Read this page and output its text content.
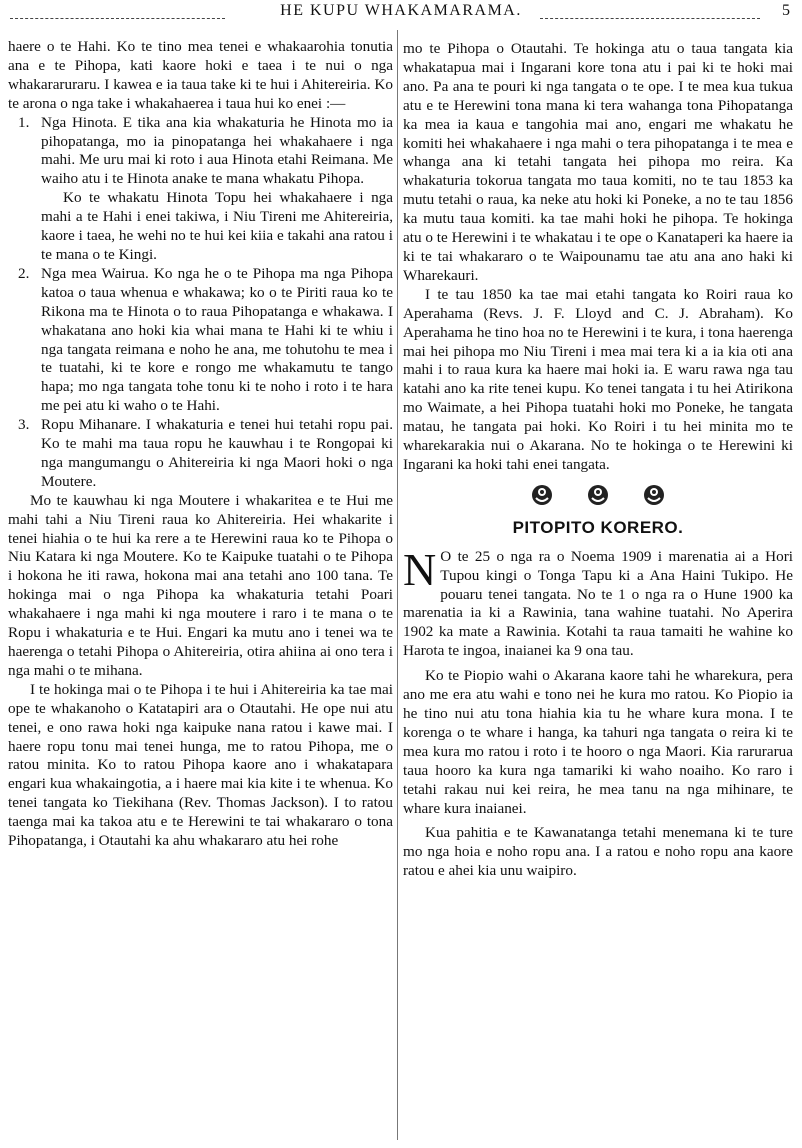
HE KUPU WHAKAMARAMA.	5

haere o te Hahi. Ko te tino mea tenei e whakaarohia tonutia ana e te Pihopa, kati kaore hoki e taea i te nui o nga whakararuraru. I kawea e ia taua take ki te hui i Ahitereiria. Ko te arona o nga take i whakahaerea i taua hui ko enei :—

1. Nga Hinota. E tika ana kia whakaturia he Hinota mo ia pihopatanga, mo ia pinopatanga hei whakahaere i nga mahi. Me uru mai ki roto i aua Hinota etahi Reimana. Me waiho atu i te Hinota anake te mana whakatu Pihopa.

Ko te whakatu Hinota Topu hei whakahaere i nga mahi a te Hahi i enei takiwa, i Niu Tireni me Ahitereiria, kaore i taea, he wehi no te hui kei kiia e takahi ana ratou i te mana o te Kingi.

2. Nga mea Wairua. Ko nga he o te Pihopa ma nga Pihopa katoa o taua whenua e whakawa; ko o te Piriti raua ko te Rikona ma te Hinota o to raua Pihopatanga e whakawa. I whakatana ano hoki kia whai mana te Hahi ki te whiu i nga tangata reimana e noho he ana, me tohutohu te mea i te tuatahi, ki te kore e rongo me whakamutu te tango hapa; mo nga tangata tohe tonu ki te noho i roto i te hara me pei atu ki waho o te Hahi.

3. Ropu Mihanare. I whakaturia e tenei hui tetahi ropu pai. Ko te mahi ma taua ropu he kauwhau i te Rongopai ki nga mangumangu o Ahitereiria ki nga Maori hoki o nga Moutere.

Mo te kauwhau ki nga Moutere i whakaritea e te Hui me mahi tahi a Niu Tireni raua ko Ahitereiria. Hei whakarite i tenei hiahia o te hui ka rere a te Herewini raua ko te Pihopa o Niu Katara ki nga Moutere. Ko te Kaipuke tuatahi o te Pihopa i hokona he iti rawa, hokona mai ana tetahi ano 100 tana. Te hokinga mai o nga Pihopa ka whakaturia tetahi Poari whakahaere i nga mahi ki nga moutere i raro i te mana o te Ropu i whakaturia e te Hui. Engari ka mutu ano i tenei wa te haerenga o tetahi Pihopa o Ahitereiria, otira ahiina ai ono tera i nga mahi o te mihana.

I te hokinga mai o te Pihopa i te hui i Ahitereiria ka tae mai ope te whakanoho o Katatapiri ara o Otautahi. He ope nui atu tenei, e ono rawa hoki nga kaipuke nana ratou i kawe mai. I haere ropu tonu mai tenei hunga, me to ratou Pihopa, me o ratou minita. Ko to ratou Pihopa kaore ano i whakatapara engari kua whakaingotia, a i haere mai kia kite i te whenua. Ko tenei tangata ko Tiekihana (Rev. Thomas Jackson). I to ratou taenga mai ka takoa atu e te Herewini te tai whakararo o tona Pihopatanga, i Otautahi ka ahu whakararo atu hei rohe

mo te Pihopa o Otautahi. Te hokinga atu o taua tangata kia whakatapua mai i Ingarani kore tona atu i pai ki te hoki mai ano. Pa ana te pouri ki nga tangata o te ope. I te mea kua tukua atu e te Herewini tona mana ki tera wahanga tona Pihopatanga ka mea ia kaua e tangohia mai ano, engari me whakatu he komiti hei whakahaere i nga mahi o tera pihopatanga i te mea e whanga ana ki tetahi tangata hei pihopa mo reira. Ka whakaturia tokorua tangata mo taua komiti, no te tau 1853 ka mutu tetahi o raua, ka neke atu hoki ki Poneke, a no te tau 1856 ka mutu taua komiti. ka tae mahi hoki he pihopa. Te hokinga atu o te Herewini i te whakatau i te ope o Kanataperi ka haere ia ki te tai whakararo o te Waipounamu tae atu ana ano haki ki Wharekauri.

I te tau 1850 ka tae mai etahi tangata ko Roiri raua ko Aperahama (Revs. J. F. Lloyd and C. J. Abraham). Ko Aperahama he tino hoa no te Herewini i te kura, i tona haerenga mai hei pihopa mo Niu Tireni i mea mai tera ki a ia kia oti ana mahi i to raua kura ka haere mai hoki ia. E waru rawa nga tau katahi ano ka rite tenei kupu. Ko tenei tangata i tu hei Atirikona mo Waimate, a hei Pihopa tuatahi hoki mo Poneke, he tangata matau, he tangata pai hoki. Ko Roiri i tu hei minita mo te wharekarakia nui o Akarana. No te hokinga o te Herewini ki Ingarani ka hoki tahi enei tangata.

PITOPITO KORERO.

N O te 25 o nga ra o Noema 1909 i marenatia ai a Hori Tupou kingi o Tonga Tapu ki a Ana Haini Tukipo. He pouaru tenei tangata. No te 1 o nga ra o Hune 1900 ka marenatia ia ki a Rawinia, tana wahine tuatahi. No Aperira 1902 ka mate a Rawinia. Kotahi ta raua tamaiti he wahine ko Harota te ingoa, inaianei ka 9 ona tau.

Ko te Piopio wahi o Akarana kaore tahi he wharekura, pera ano me era atu wahi e tono nei he kura mo ratou. Ko Piopio ia he tino nui atu tona hiahia kia tu he whare kura mona. I te korenga o te whare i hanga, ka tahuri nga tangata o reira ki te mea kura mo ratou i roto i te hooro o nga Maori. Kia rarurarua taua hooro ka kura nga tamariki ki waho noaiho. Ko raro i tetahi rakau nui kei reira, he mea tanu na nga mihinare, te whare kura inaianei.

Kua pahitia e te Kawanatanga tetahi menemana ki te ture mo nga hoia e noho ropu ana. I a ratou e noho ropu ana kaore ratou e ahei kia unu waipiro.
